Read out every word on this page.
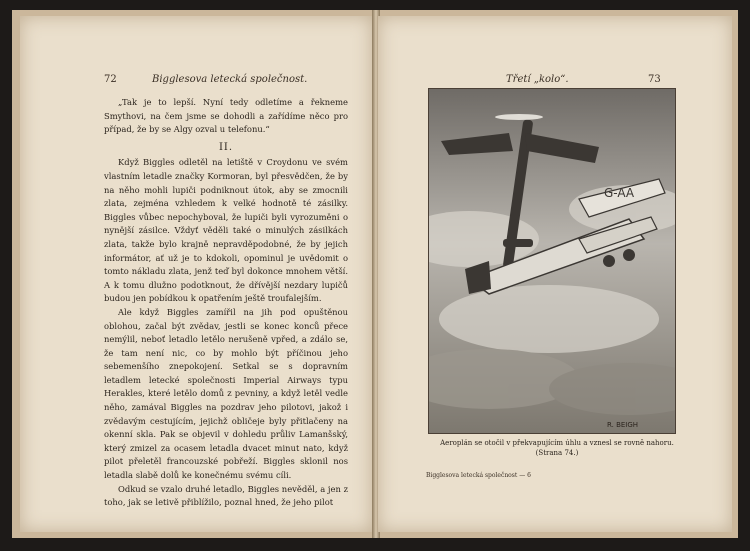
72	Bigglesova letecká společnost.

„Tak je to lepší. Nyní tedy odletíme a řekneme Smythovi, na čem jsme se dohodli a zařídíme něco pro případ, že by se Algy ozval u telefonu.“

II.

Když Biggles odletěl na letiště v Croydonu ve svém vlastním letadle značky Kormoran, byl přesvědčen, že by na něho mohli lupiči podniknout útok, aby se zmocnili zlata, zejména vzhledem k velké hodnotě té zásilky. Biggles vůbec nepochyboval, že lupiči byli vyrozuměni o nynější zásilce. Vždyť věděli také o minulých zásilkách zlata, takže bylo krajně nepravděpodobné, že by jejich informátor, ať už je to kdokoli, opominul je uvědomit o tomto nákladu zlata, jenž teď byl dokonce mnohem větší. A k tomu dlužno podotknout, že dřívější nezdary lupičů budou jen pobídkou k opatřením ještě troufalejším.

Ale když Biggles zamířil na jih pod opuštěnou oblohou, začal být zvědav, jestli se konec konců přece nemýlil, neboť letadlo letělo nerušeně vpřed, a zdálo se, že tam není nic, co by mohlo být příčinou jeho sebemenšího znepokojení. Setkal se s dopravním letadlem letecké společnosti Imperial Airways typu Herakles, které letělo domů z pevniny, a když letěl vedle něho, zamával Biggles na pozdrav jeho pilotovi, jakož i zvědavým cestujícím, jejichž obličeje byly přitlačeny na okenní skla. Pak se objevil v dohledu průliv Lamanšský, který zmizel za ocasem letadla dvacet minut nato, když pilot přeletěl francouzské pobřeží. Biggles sklonil nos letadla slabě dolů ke konečnému svému cíli.

Odkud se vzalo druhé letadlo, Biggles nevěděl, a jen z toho, jak se letivě přiblížilo, poznal hned, že jeho pilot

Třetí „kolo“.	73
G-AA
R. BEIGH
Aeroplán se otočil v překvapujícím úhlu a vznesl se rovně nahoru.
(Strana 74.)
Bigglesova letecká společnost — 6
